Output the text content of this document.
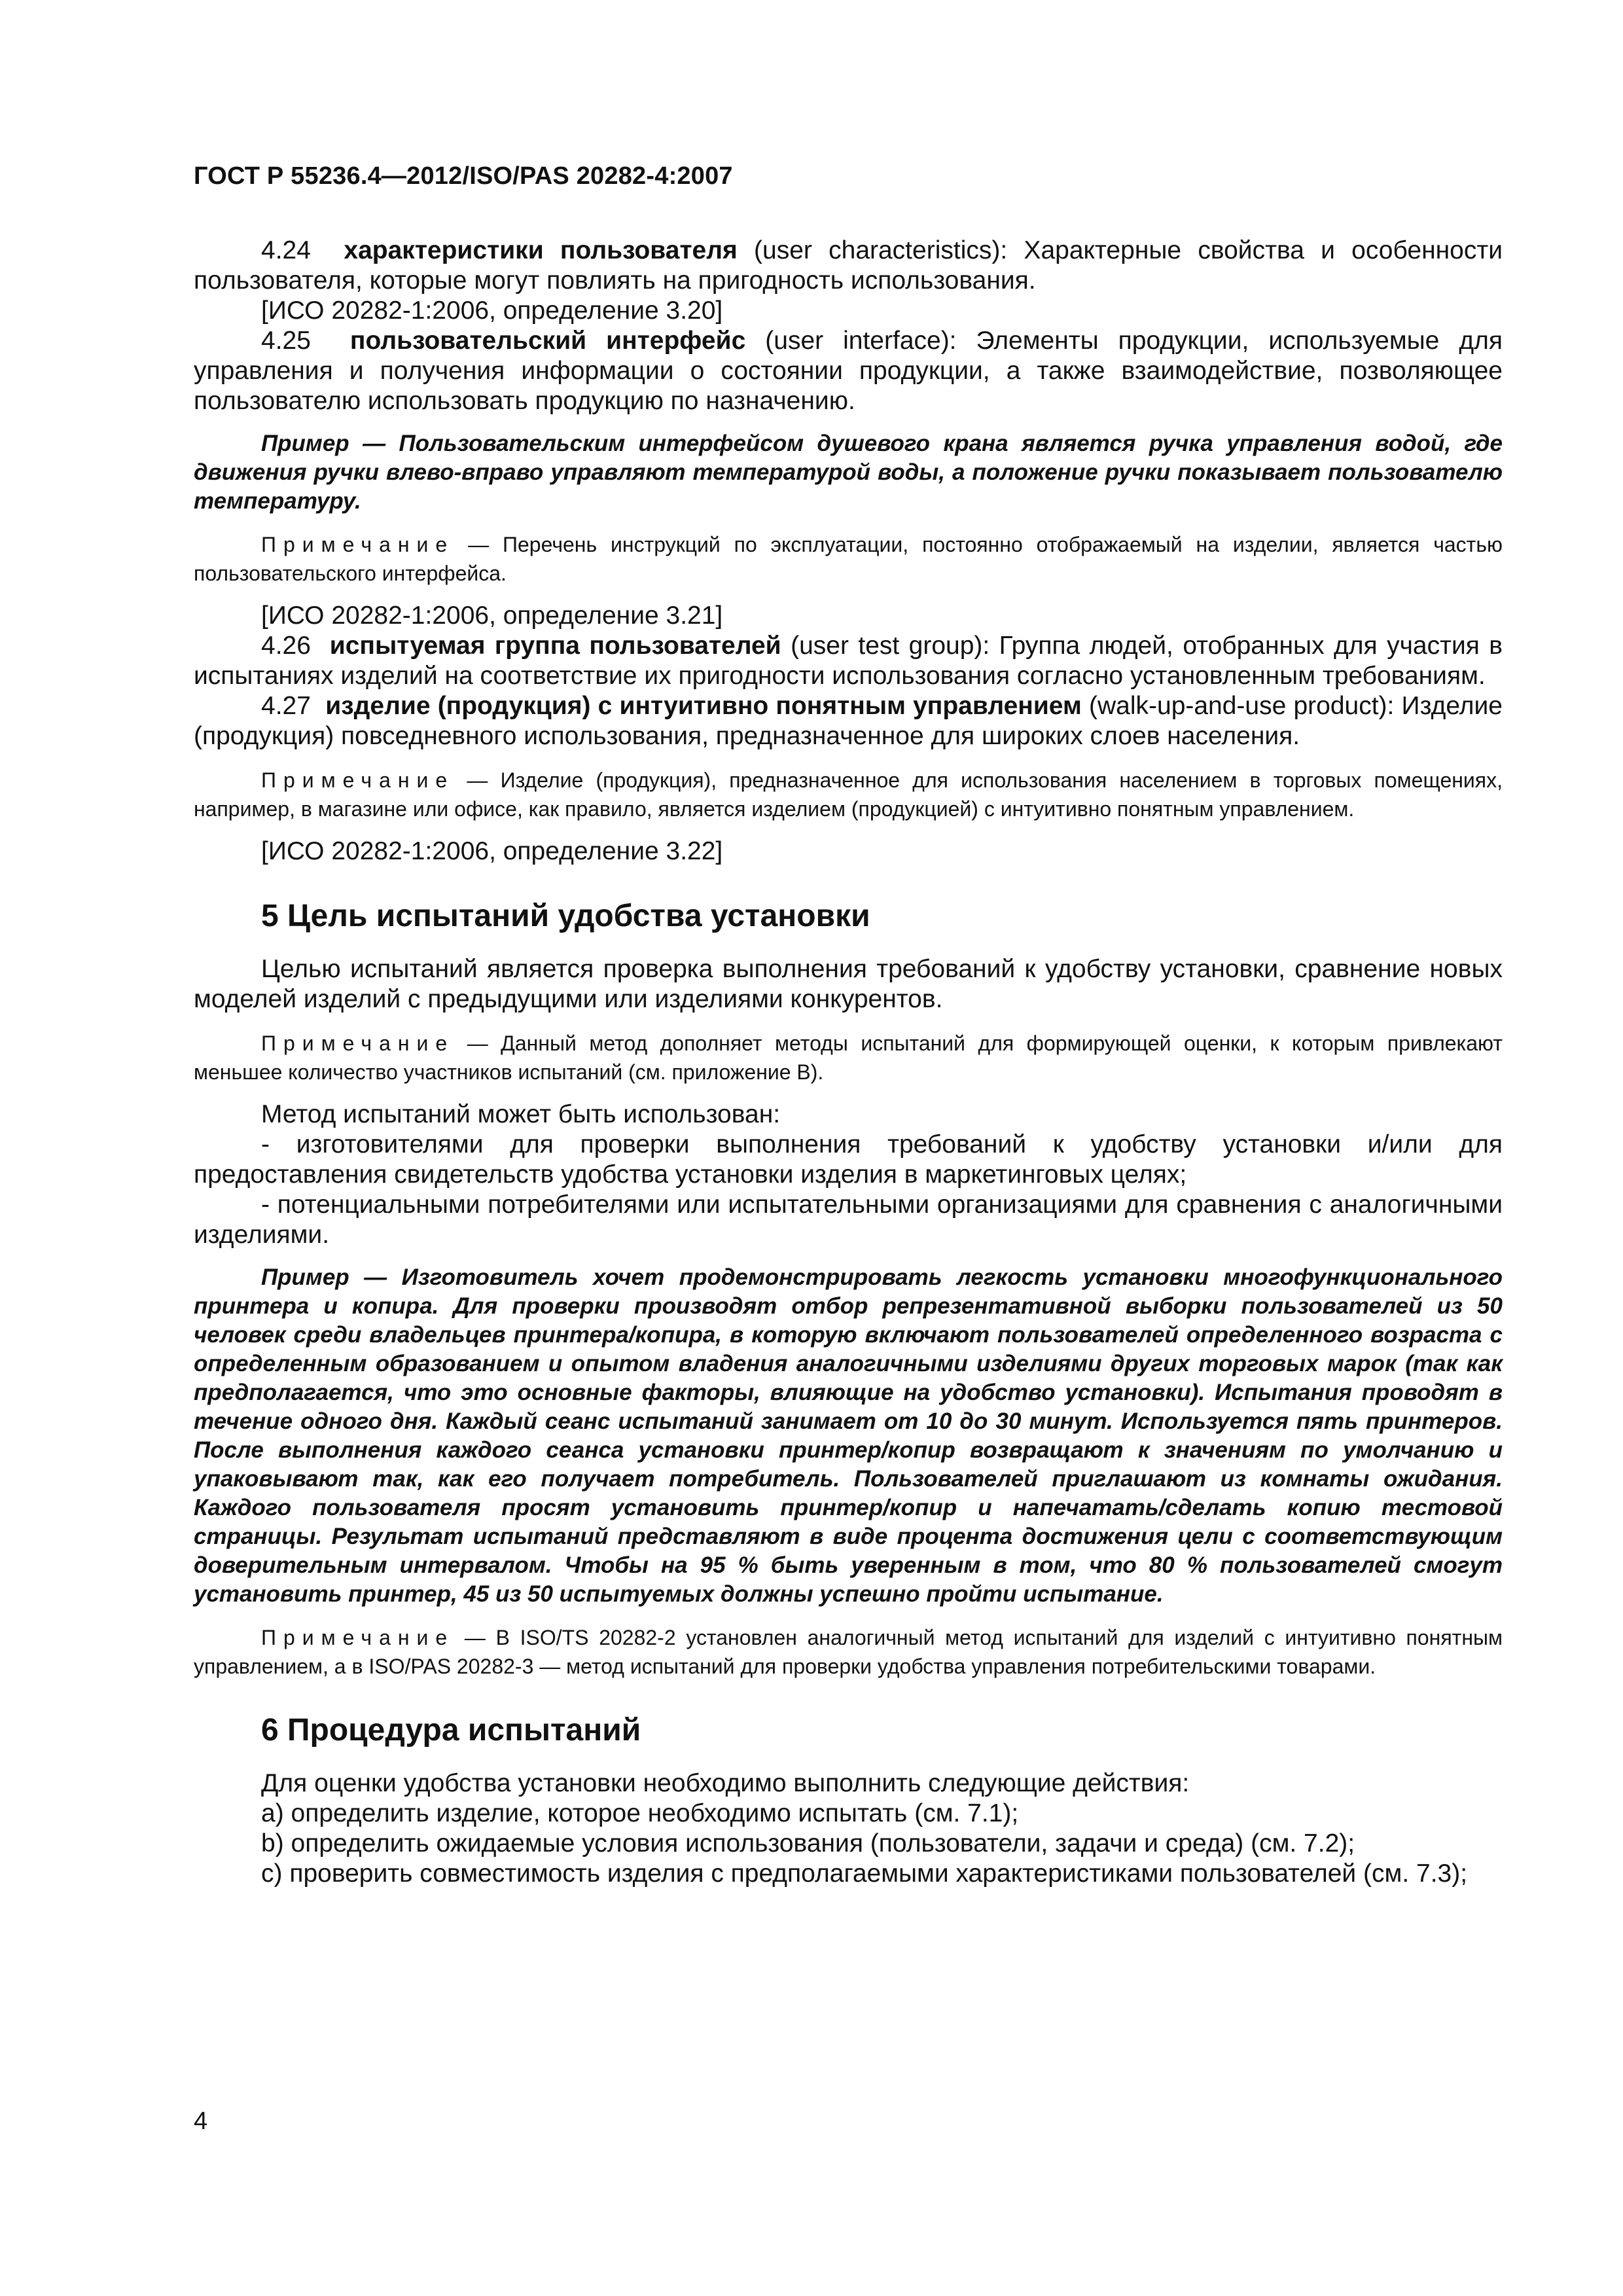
ГОСТ Р 55236.4—2012/ISO/PAS 20282-4:2007

4.24 характеристики пользователя (user characteristics): Характерные свойства и особенности пользователя, которые могут повлиять на пригодность использования.

[ИСО 20282-1:2006, определение 3.20]

4.25 пользовательский интерфейс (user interface): Элементы продукции, используемые для управления и получения информации о состоянии продукции, а также взаимодействие, позволяющее пользователю использовать продукцию по назначению.

Пример — Пользовательским интерфейсом душевого крана является ручка управления водой, где движения ручки влево-вправо управляют температурой воды, а положение ручки показывает пользователю температуру.

Примечание — Перечень инструкций по эксплуатации, постоянно отображаемый на изделии, является частью пользовательского интерфейса.

[ИСО 20282-1:2006, определение 3.21]

4.26 испытуемая группа пользователей (user test group): Группа людей, отобранных для участия в испытаниях изделий на соответствие их пригодности использования согласно установленным требованиям.

4.27 изделие (продукция) с интуитивно понятным управлением (walk-up-and-use product): Изделие (продукция) повседневного использования, предназначенное для широких слоев населения.

Примечание — Изделие (продукция), предназначенное для использования населением в торговых помещениях, например, в магазине или офисе, как правило, является изделием (продукцией) с интуитивно понятным управлением.

[ИСО 20282-1:2006, определение 3.22]

5 Цель испытаний удобства установки

Целью испытаний является проверка выполнения требований к удобству установки, сравнение новых моделей изделий с предыдущими или изделиями конкурентов.

Примечание — Данный метод дополняет методы испытаний для формирующей оценки, к которым привлекают меньшее количество участников испытаний (см. приложение В).

Метод испытаний может быть использован:

- изготовителями для проверки выполнения требований к удобству установки и/или для предоставления свидетельств удобства установки изделия в маркетинговых целях;

- потенциальными потребителями или испытательными организациями для сравнения с аналогичными изделиями.

Пример — Изготовитель хочет продемонстрировать легкость установки многофункционального принтера и копира. Для проверки производят отбор репрезентативной выборки пользователей из 50 человек среди владельцев принтера/копира, в которую включают пользователей определенного возраста с определенным образованием и опытом владения аналогичными изделиями других торговых марок (так как предполагается, что это основные факторы, влияющие на удобство установки). Испытания проводят в течение одного дня. Каждый сеанс испытаний занимает от 10 до 30 минут. Используется пять принтеров. После выполнения каждого сеанса установки принтер/копир возвращают к значениям по умолчанию и упаковывают так, как его получает потребитель. Пользователей приглашают из комнаты ожидания. Каждого пользователя просят установить принтер/копир и напечатать/сделать копию тестовой страницы. Результат испытаний представляют в виде процента достижения цели с соответствующим доверительным интервалом. Чтобы на 95 % быть уверенным в том, что 80 % пользователей смогут установить принтер, 45 из 50 испытуемых должны успешно пройти испытание.

Примечание — В ISO/TS 20282-2 установлен аналогичный метод испытаний для изделий с интуитивно понятным управлением, а в ISO/PAS 20282-3 — метод испытаний для проверки удобства управления потребительскими товарами.

6 Процедура испытаний

Для оценки удобства установки необходимо выполнить следующие действия:

а) определить изделие, которое необходимо испытать (см. 7.1);

b) определить ожидаемые условия использования (пользователи, задачи и среда) (см. 7.2);

с) проверить совместимость изделия с предполагаемыми характеристиками пользователей (см. 7.3);

4
